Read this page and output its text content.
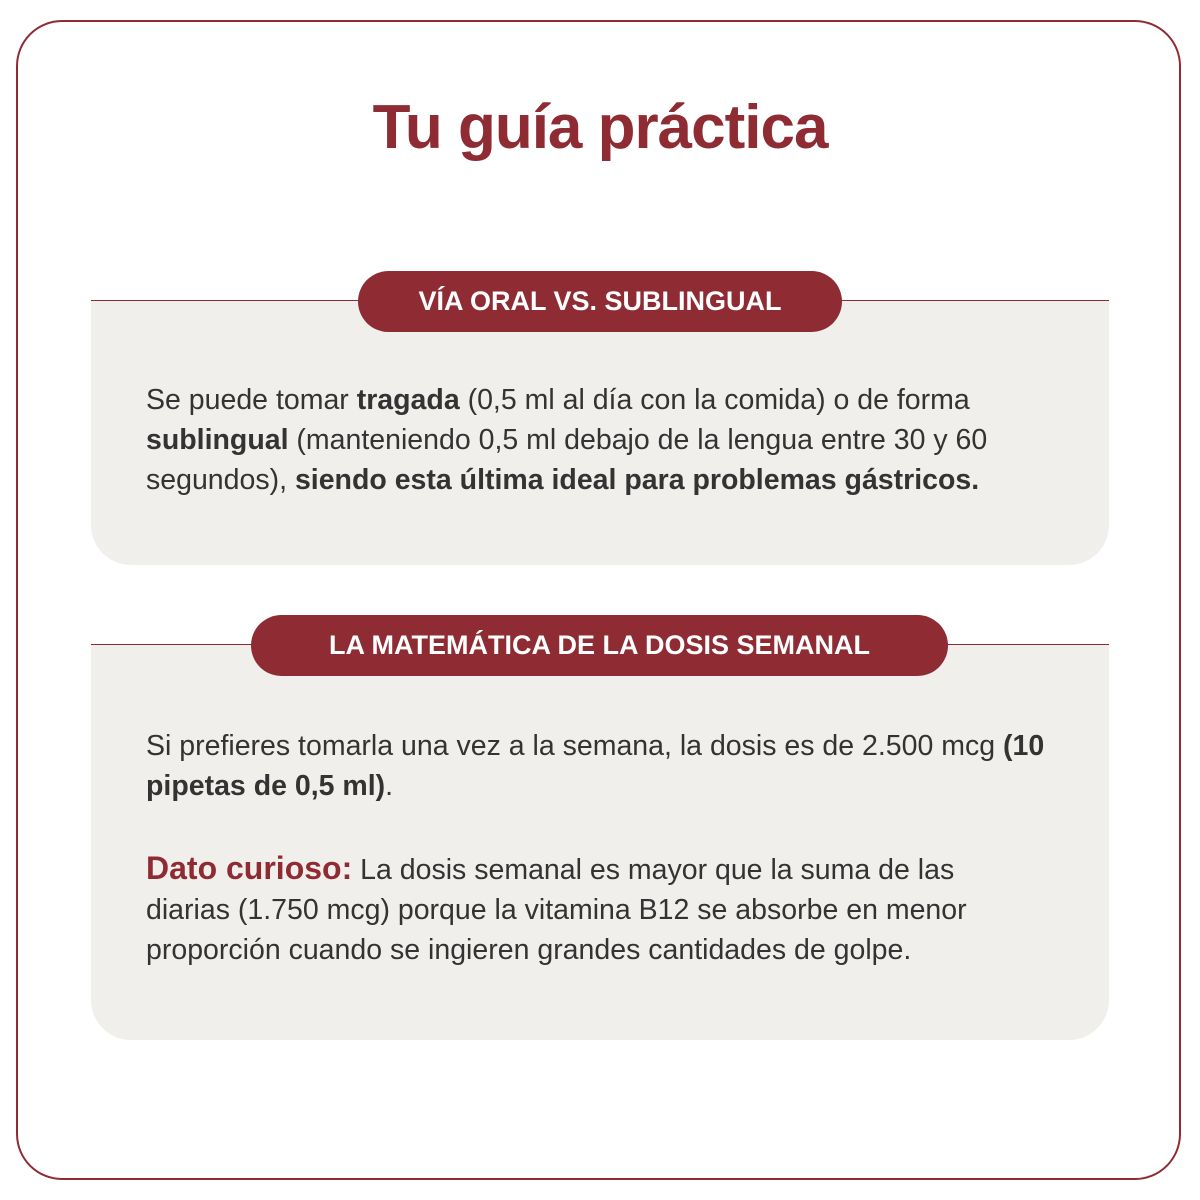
Tu guía práctica
VÍA ORAL VS. SUBLINGUAL

Se puede tomar tragada (0,5 ml al día con la comida) o de forma sublingual (manteniendo 0,5 ml debajo de la lengua entre 30 y 60 segundos), siendo esta última ideal para problemas gástricos.

LA MATEMÁTICA DE LA DOSIS SEMANAL

Si prefieres tomarla una vez a la semana, la dosis es de 2.500 mcg (10 pipetas de 0,5 ml).

Dato curioso: La dosis semanal es mayor que la suma de las diarias (1.750 mcg) porque la vitamina B12 se absorbe en menor proporción cuando se ingieren grandes cantidades de golpe.
